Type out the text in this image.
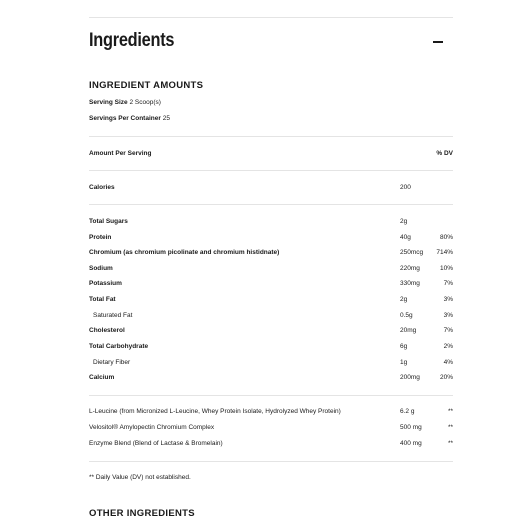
Ingredients
INGREDIENT AMOUNTS
Serving Size 2 Scoop(s)
Servings Per Container 25
Amount Per Serving	% DV
Calories	200
Total Sugars	2g
Protein	40g	80%
Chromium (as chromium picolinate and chromium histidnate)	250mcg 714%
Sodium	220mg	10%
Potassium	330mg	7%
Total Fat	2g	3%
Saturated Fat	0.5g	3%
Cholesterol	20mg	7%
Total Carbohydrate	6g	2%
Dietary Fiber	1g	4%
Calcium	200mg	20%
L-Leucine (from Micronized L-Leucine, Whey Protein Isolate, Hydrolyzed Whey Protein)	6.2 g	**
Velositol® Amylopectin Chromium Complex	500 mg	**
Enzyme Blend (Blend of Lactase & Bromelain)	400 mg	**
** Daily Value (DV) not established.
OTHER INGREDIENTS
